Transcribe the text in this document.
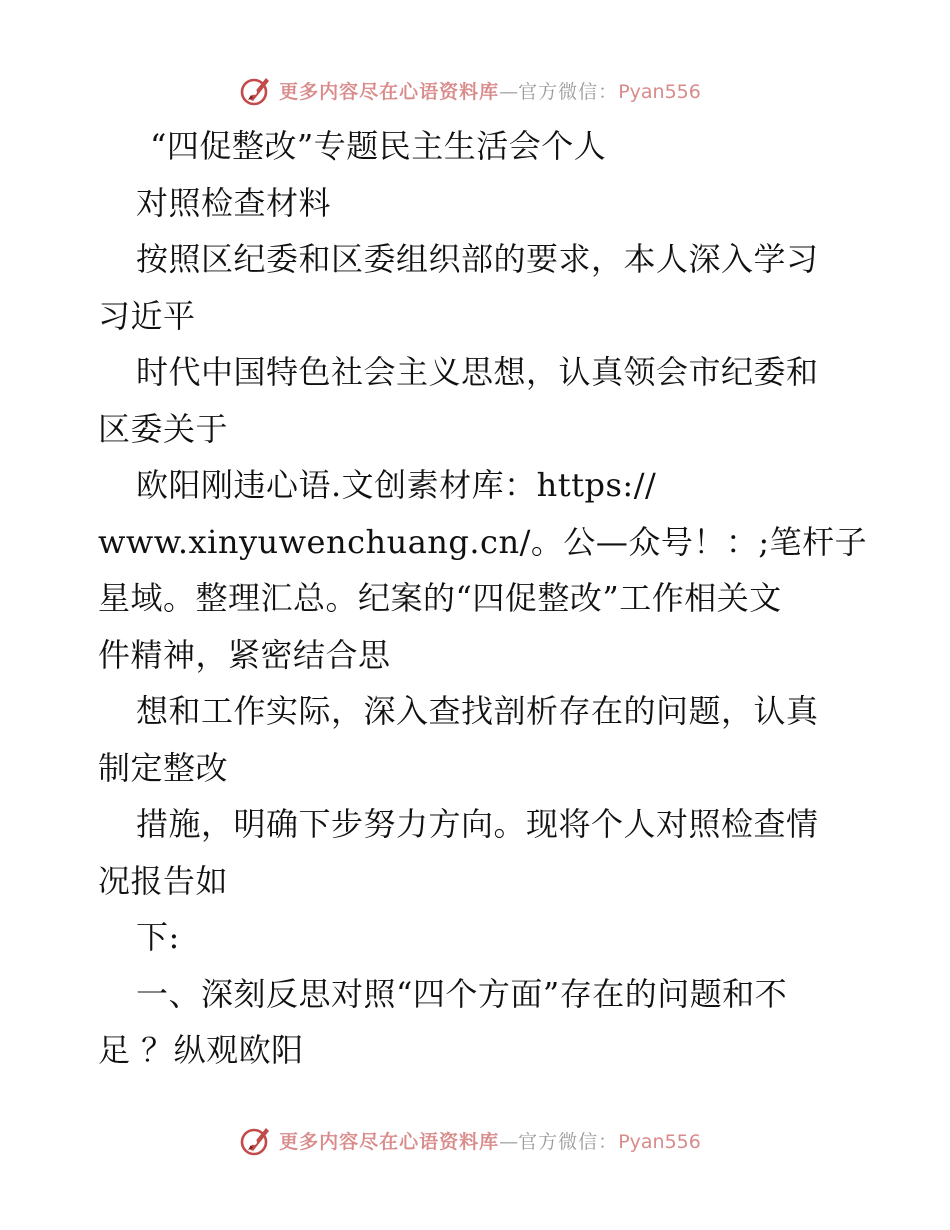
更多内容尽在心语资料库—官方微信：Pyan556
“四促整改”专题民主生活会个人
对照检查材料
按照区纪委和区委组织部的要求，本人深入学习
习近平
时代中国特色社会主义思想，认真领会市纪委和
区委关于
欧阳刚违心语.文创素材库：https://
www.xinyuwenchuang.cn/。公—众号！：;笔杆子
星域。整理汇总。纪案的“四促整改”工作相关文
件精神，紧密结合思
想和工作实际，深入查找剖析存在的问题，认真
制定整改
措施，明确下步努力方向。现将个人对照检查情
况报告如
下:
一、深刻反思对照“四个方面”存在的问题和不
足 ？纵观欧阳
更多内容尽在心语资料库—官方微信：Pyan556
